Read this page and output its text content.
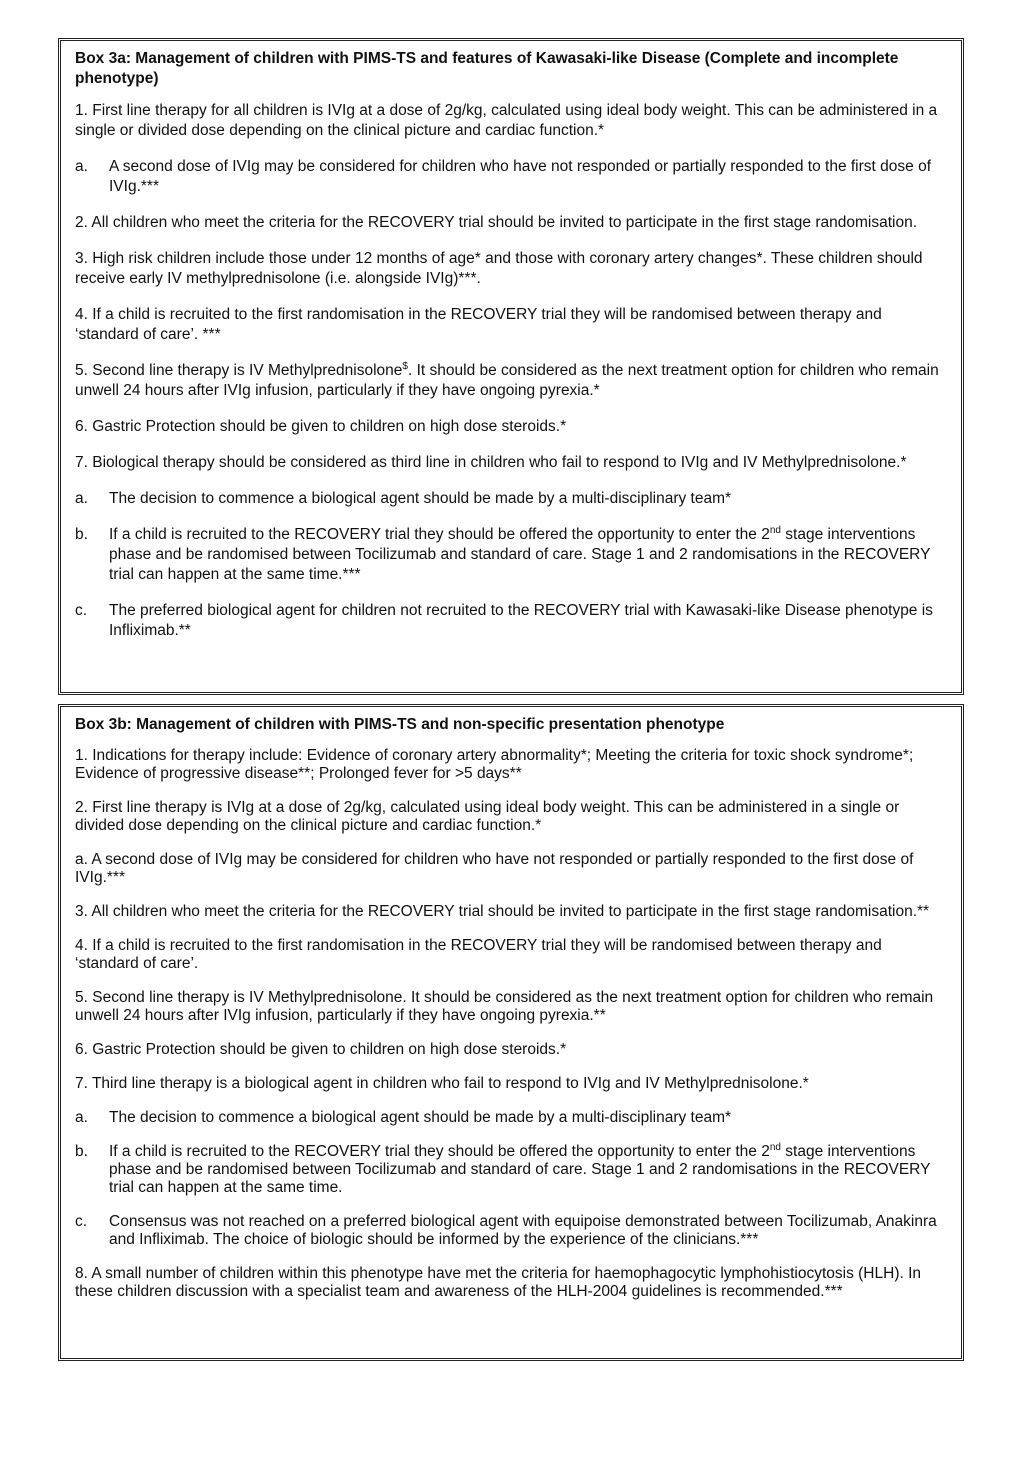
Box 3a: Management of children with PIMS-TS and features of Kawasaki-like Disease (Complete and incomplete phenotype)
1. First line therapy for all children is IVIg at a dose of 2g/kg, calculated using ideal body weight. This can be administered in a single or divided dose depending on the clinical picture and cardiac function.*
a.	A second dose of IVIg may be considered for children who have not responded or partially responded to the first dose of IVIg.***
2. All children who meet the criteria for the RECOVERY trial should be invited to participate in the first stage randomisation.
3. High risk children include those under 12 months of age* and those with coronary artery changes*. These children should receive early IV methylprednisolone (i.e. alongside IVIg)***.
4. If a child is recruited to the first randomisation in the RECOVERY trial they will be randomised between therapy and ‘standard of care’. ***
5. Second line therapy is IV Methylprednisolone$. It should be considered as the next treatment option for children who remain unwell 24 hours after IVIg infusion, particularly if they have ongoing pyrexia.*
6. Gastric Protection should be given to children on high dose steroids.*
7. Biological therapy should be considered as third line in children who fail to respond to IVIg and IV Methylprednisolone.*
a.	The decision to commence a biological agent should be made by a multi-disciplinary team*
b.	If a child is recruited to the RECOVERY trial they should be offered the opportunity to enter the 2nd stage interventions phase and be randomised between Tocilizumab and standard of care. Stage 1 and 2 randomisations in the RECOVERY trial can happen at the same time.***
c.	The preferred biological agent for children not recruited to the RECOVERY trial with Kawasaki-like Disease phenotype is Infliximab.**
Box 3b: Management of children with PIMS-TS and non-specific presentation phenotype
1. Indications for therapy include: Evidence of coronary artery abnormality*; Meeting the criteria for toxic shock syndrome*; Evidence of progressive disease**; Prolonged fever for >5 days**
2. First line therapy is IVIg at a dose of 2g/kg, calculated using ideal body weight. This can be administered in a single or divided dose depending on the clinical picture and cardiac function.*
a. A second dose of IVIg may be considered for children who have not responded or partially responded to the first dose of IVIg.***
3. All children who meet the criteria for the RECOVERY trial should be invited to participate in the first stage randomisation.**
4. If a child is recruited to the first randomisation in the RECOVERY trial they will be randomised between therapy and ‘standard of care’.
5. Second line therapy is IV Methylprednisolone. It should be considered as the next treatment option for children who remain unwell 24 hours after IVIg infusion, particularly if they have ongoing pyrexia.**
6. Gastric Protection should be given to children on high dose steroids.*
7. Third line therapy is a biological agent in children who fail to respond to IVIg and IV Methylprednisolone.*
a.	The decision to commence a biological agent should be made by a multi-disciplinary team*
b.	If a child is recruited to the RECOVERY trial they should be offered the opportunity to enter the 2nd stage interventions phase and be randomised between Tocilizumab and standard of care. Stage 1 and 2 randomisations in the RECOVERY trial can happen at the same time.
c.	Consensus was not reached on a preferred biological agent with equipoise demonstrated between Tocilizumab, Anakinra and Infliximab. The choice of biologic should be informed by the experience of the clinicians.***
8. A small number of children within this phenotype have met the criteria for haemophagocytic lymphohistiocytosis (HLH). In these children discussion with a specialist team and awareness of the HLH-2004 guidelines is recommended.***
